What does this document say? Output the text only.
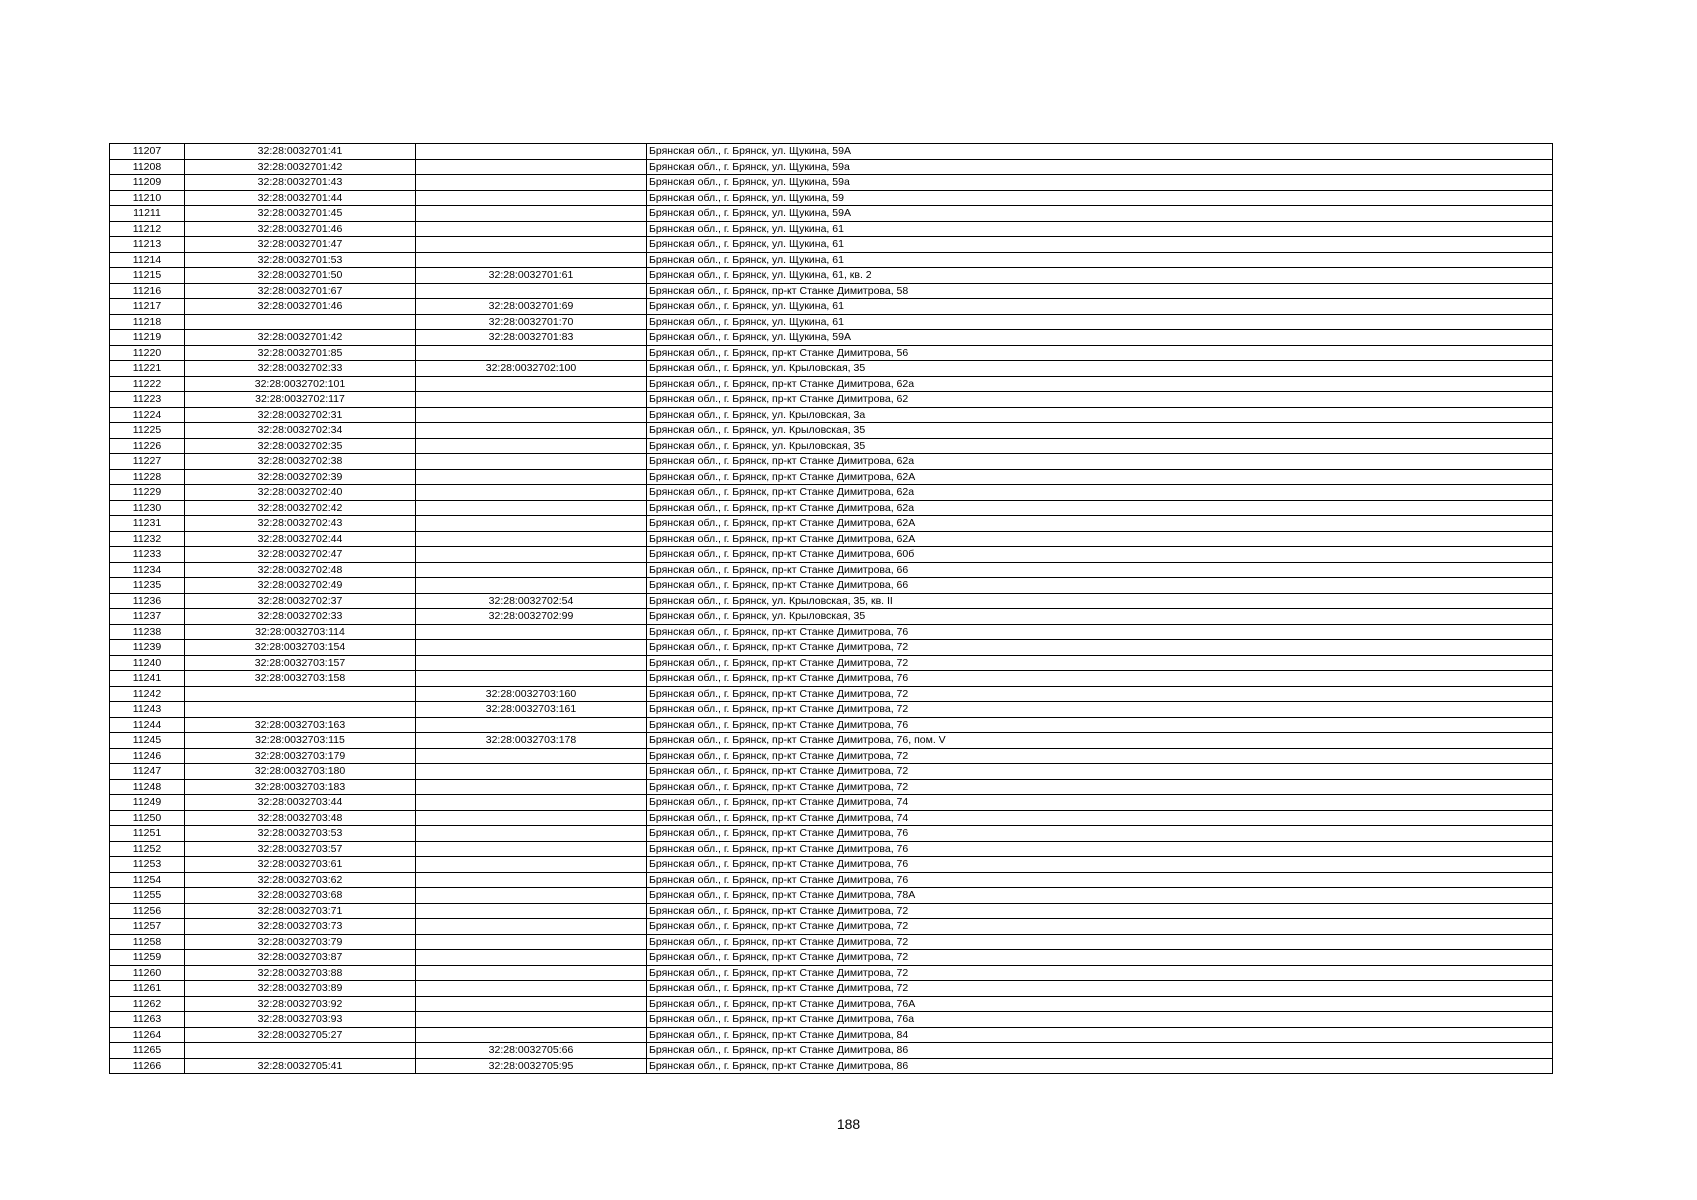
11207	32:28:0032701:41		Брянская обл., г. Брянск, ул. Щукина, 59А
11208	32:28:0032701:42		Брянская обл., г. Брянск, ул. Щукина, 59а
11209	32:28:0032701:43		Брянская обл., г. Брянск, ул. Щукина, 59а
11210	32:28:0032701:44		Брянская обл., г. Брянск, ул. Щукина, 59
11211	32:28:0032701:45		Брянская обл., г. Брянск, ул. Щукина, 59А
11212	32:28:0032701:46		Брянская обл., г. Брянск, ул. Щукина, 61
11213	32:28:0032701:47		Брянская обл., г. Брянск, ул. Щукина, 61
11214	32:28:0032701:53		Брянская обл., г. Брянск, ул. Щукина, 61
11215	32:28:0032701:50	32:28:0032701:61	Брянская обл., г. Брянск, ул. Щукина, 61, кв. 2
11216	32:28:0032701:67		Брянская обл., г. Брянск, пр-кт Станке Димитрова, 58
11217	32:28:0032701:46	32:28:0032701:69	Брянская обл., г. Брянск, ул. Щукина, 61
11218		32:28:0032701:70	Брянская обл., г. Брянск, ул. Щукина, 61
11219	32:28:0032701:42	32:28:0032701:83	Брянская обл., г. Брянск, ул. Щукина, 59А
11220	32:28:0032701:85		Брянская обл., г. Брянск, пр-кт Станке Димитрова, 56
11221	32:28:0032702:33	32:28:0032702:100	Брянская обл., г. Брянск, ул. Крыловская, 35
11222	32:28:0032702:101		Брянская обл., г. Брянск, пр-кт Станке Димитрова, 62а
11223	32:28:0032702:117		Брянская обл., г. Брянск, пр-кт Станке Димитрова, 62
11224	32:28:0032702:31		Брянская обл., г. Брянск, ул. Крыловская, 3а
11225	32:28:0032702:34		Брянская обл., г. Брянск, ул. Крыловская, 35
11226	32:28:0032702:35		Брянская обл., г. Брянск, ул. Крыловская, 35
11227	32:28:0032702:38		Брянская обл., г. Брянск, пр-кт Станке Димитрова, 62а
11228	32:28:0032702:39		Брянская обл., г. Брянск, пр-кт Станке Димитрова, 62А
11229	32:28:0032702:40		Брянская обл., г. Брянск, пр-кт Станке Димитрова, 62а
11230	32:28:0032702:42		Брянская обл., г. Брянск, пр-кт Станке Димитрова, 62а
11231	32:28:0032702:43		Брянская обл., г. Брянск, пр-кт Станке Димитрова, 62А
11232	32:28:0032702:44		Брянская обл., г. Брянск, пр-кт Станке Димитрова, 62А
11233	32:28:0032702:47		Брянская обл., г. Брянск, пр-кт Станке Димитрова, 60б
11234	32:28:0032702:48		Брянская обл., г. Брянск, пр-кт Станке Димитрова, 66
11235	32:28:0032702:49		Брянская обл., г. Брянск, пр-кт Станке Димитрова, 66
11236	32:28:0032702:37	32:28:0032702:54	Брянская обл., г. Брянск, ул. Крыловская, 35, кв. II
11237	32:28:0032702:33	32:28:0032702:99	Брянская обл., г. Брянск, ул. Крыловская, 35
11238	32:28:0032703:114		Брянская обл., г. Брянск, пр-кт Станке Димитрова, 76
11239	32:28:0032703:154		Брянская обл., г. Брянск, пр-кт Станке Димитрова, 72
11240	32:28:0032703:157		Брянская обл., г. Брянск, пр-кт Станке Димитрова, 72
11241	32:28:0032703:158		Брянская обл., г. Брянск, пр-кт Станке Димитрова, 76
11242		32:28:0032703:160	Брянская обл., г. Брянск, пр-кт Станке Димитрова, 72
11243		32:28:0032703:161	Брянская обл., г. Брянск, пр-кт Станке Димитрова, 72
11244	32:28:0032703:163		Брянская обл., г. Брянск, пр-кт Станке Димитрова, 76
11245	32:28:0032703:115	32:28:0032703:178	Брянская обл., г. Брянск, пр-кт Станке Димитрова, 76, пом. V
11246	32:28:0032703:179		Брянская обл., г. Брянск, пр-кт Станке Димитрова, 72
11247	32:28:0032703:180		Брянская обл., г. Брянск, пр-кт Станке Димитрова, 72
11248	32:28:0032703:183		Брянская обл., г. Брянск, пр-кт Станке Димитрова, 72
11249	32:28:0032703:44		Брянская обл., г. Брянск, пр-кт Станке Димитрова, 74
11250	32:28:0032703:48		Брянская обл., г. Брянск, пр-кт Станке Димитрова, 74
11251	32:28:0032703:53		Брянская обл., г. Брянск, пр-кт Станке Димитрова, 76
11252	32:28:0032703:57		Брянская обл., г. Брянск, пр-кт Станке Димитрова, 76
11253	32:28:0032703:61		Брянская обл., г. Брянск, пр-кт Станке Димитрова, 76
11254	32:28:0032703:62		Брянская обл., г. Брянск, пр-кт Станке Димитрова, 76
11255	32:28:0032703:68		Брянская обл., г. Брянск, пр-кт Станке Димитрова, 78А
11256	32:28:0032703:71		Брянская обл., г. Брянск, пр-кт Станке Димитрова, 72
11257	32:28:0032703:73		Брянская обл., г. Брянск, пр-кт Станке Димитрова, 72
11258	32:28:0032703:79		Брянская обл., г. Брянск, пр-кт Станке Димитрова, 72
11259	32:28:0032703:87		Брянская обл., г. Брянск, пр-кт Станке Димитрова, 72
11260	32:28:0032703:88		Брянская обл., г. Брянск, пр-кт Станке Димитрова, 72
11261	32:28:0032703:89		Брянская обл., г. Брянск, пр-кт Станке Димитрова, 72
11262	32:28:0032703:92		Брянская обл., г. Брянск, пр-кт Станке Димитрова, 76А
11263	32:28:0032703:93		Брянская обл., г. Брянск, пр-кт Станке Димитрова, 76а
11264	32:28:0032705:27		Брянская обл., г. Брянск, пр-кт Станке Димитрова, 84
11265		32:28:0032705:66	Брянская обл., г. Брянск, пр-кт Станке Димитрова, 86
11266	32:28:0032705:41	32:28:0032705:95	Брянская обл., г. Брянск, пр-кт Станке Димитрова, 86
188
